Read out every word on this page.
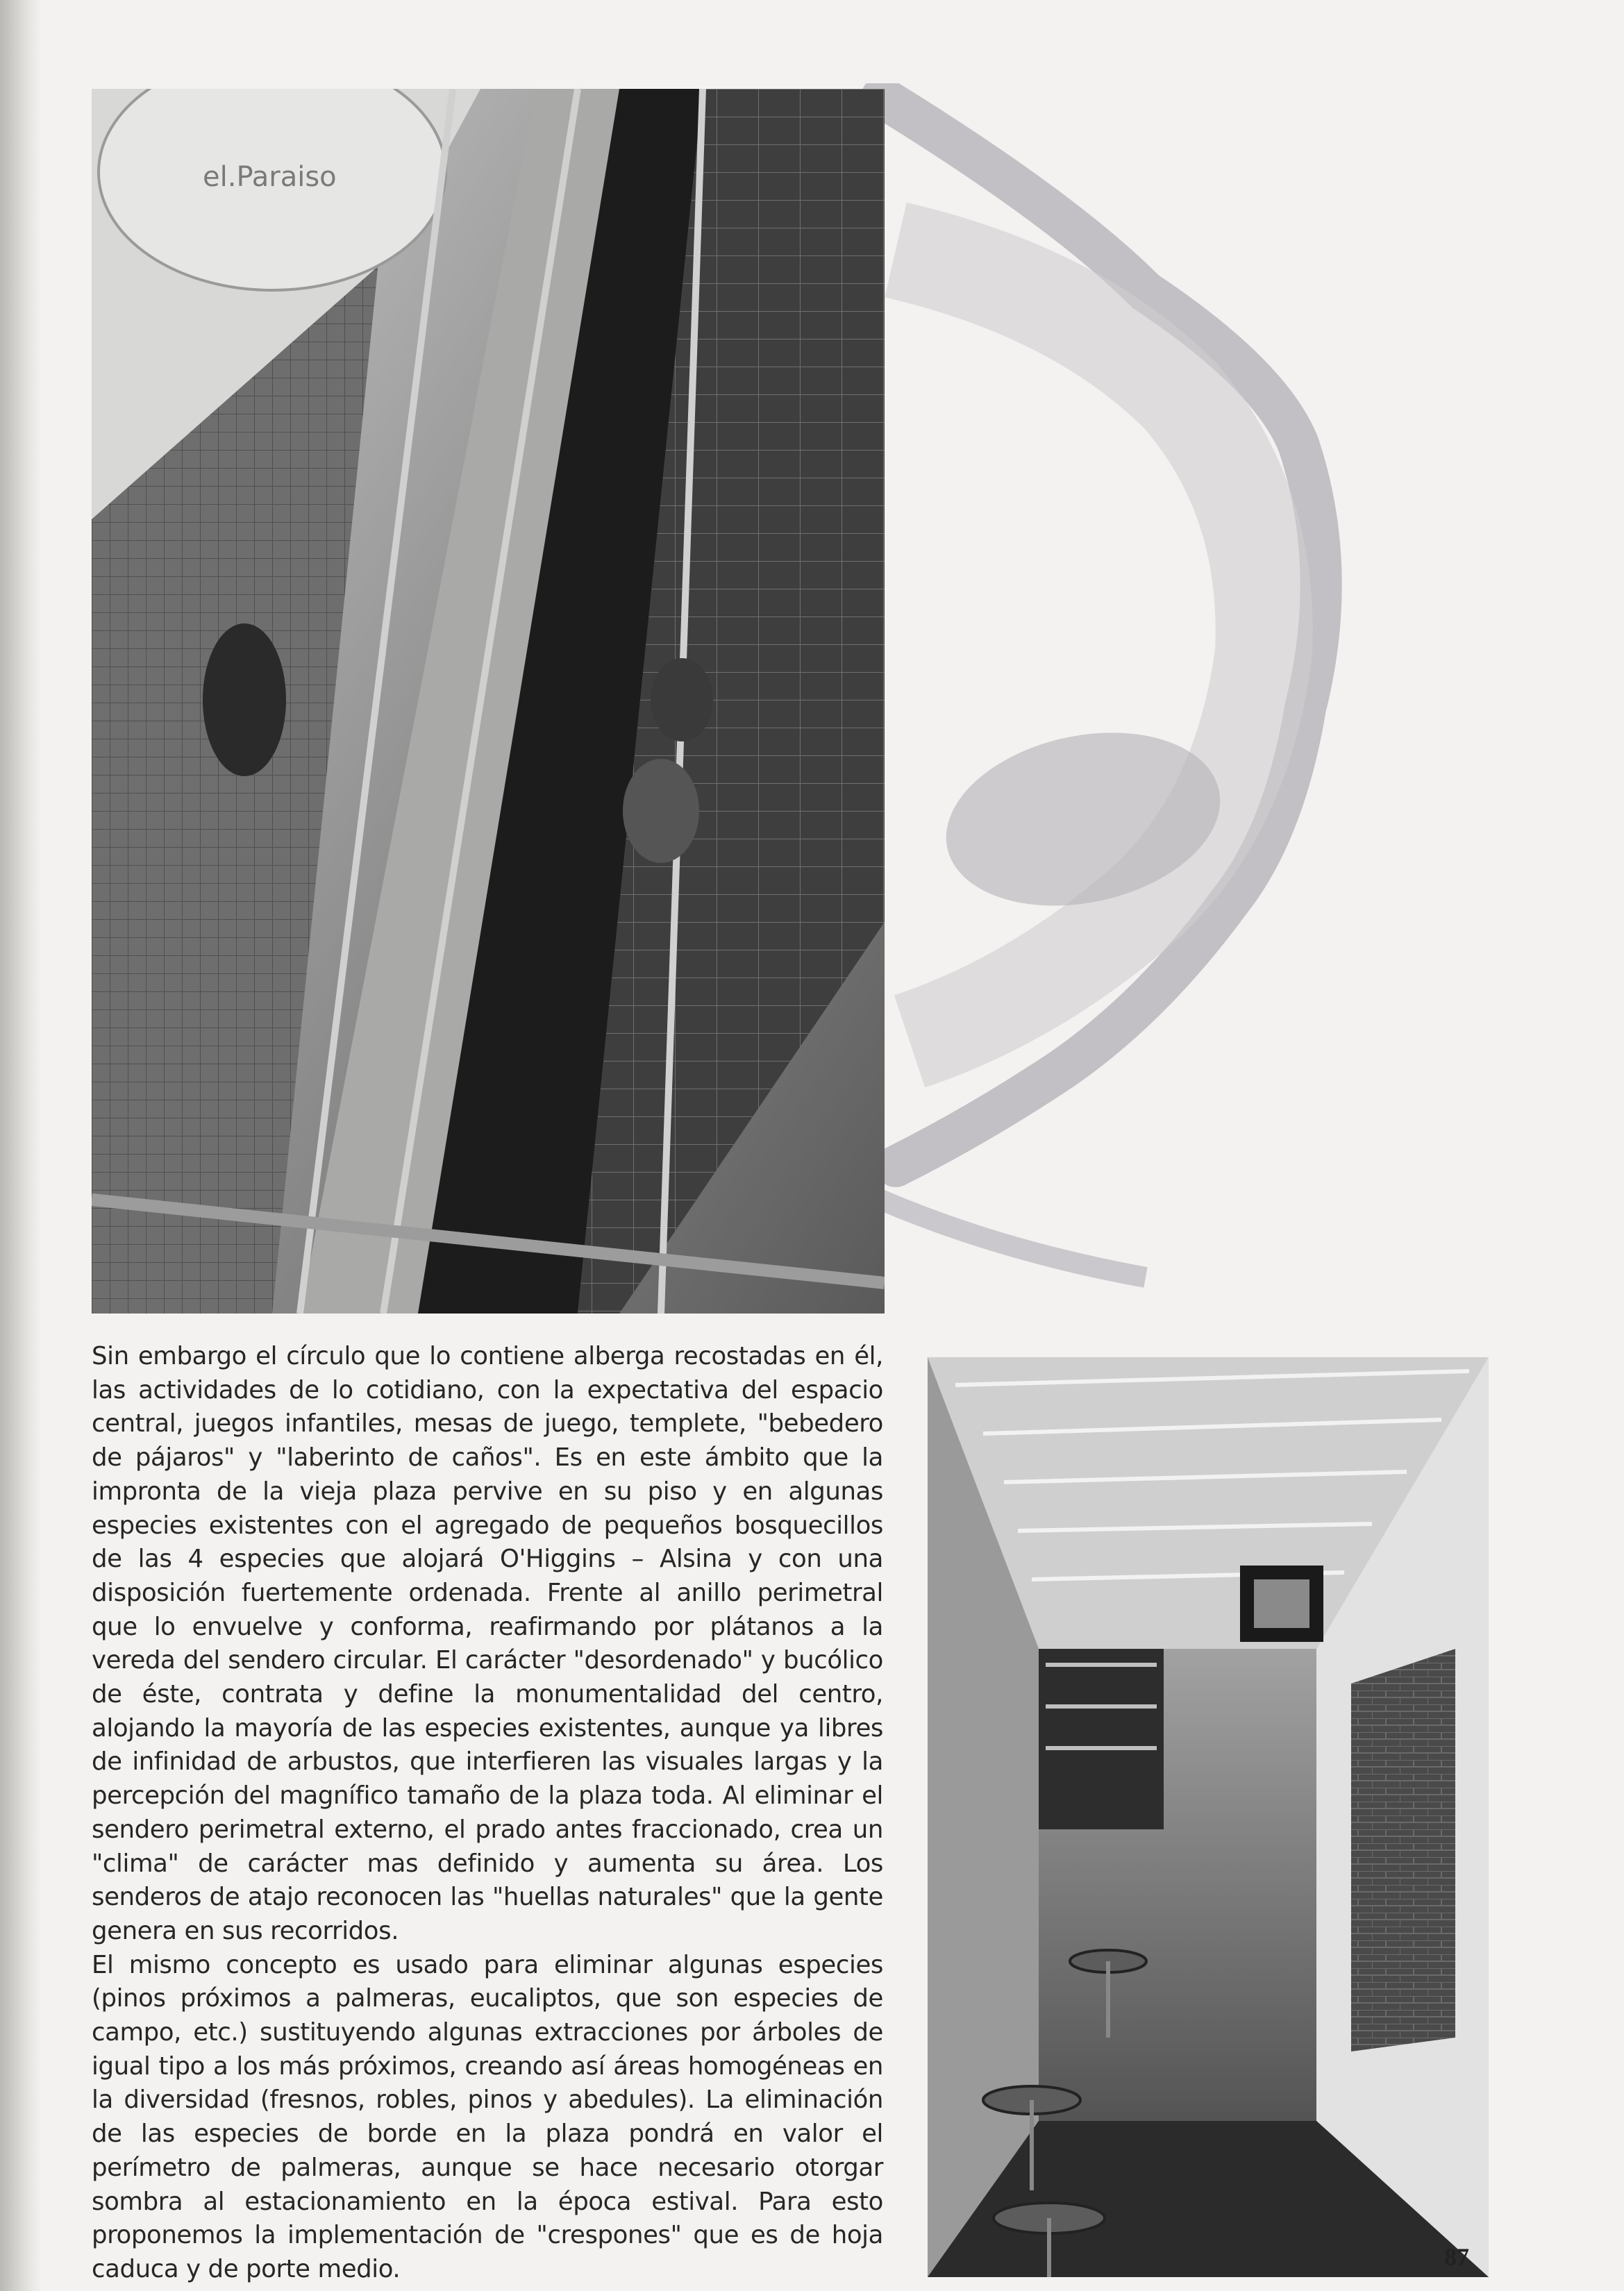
el.Paraiso

Sin embargo el círculo que lo contiene alberga recostadas en él, las actividades de lo cotidiano, con la expectativa del espacio central, juegos infantiles, mesas de juego, templete, "bebedero de pájaros" y "laberinto de caños". Es en este ámbito que la impronta de la vieja plaza pervive en su piso y en algunas especies existentes con el agregado de pequeños bosquecillos de las 4 especies que alojará O'Higgins – Alsina y con una disposición fuertemente ordenada. Frente al anillo perimetral que lo envuelve y conforma, reafirmando por plátanos a la vereda del sendero circular. El carácter "desordenado" y bucólico de éste, contrata y define la monumentalidad del centro, alojando la mayoría de las especies existentes, aunque ya libres de infinidad de arbustos, que interfieren las visuales largas y la percepción del magnífico tamaño de la plaza toda. Al eliminar el sendero perimetral externo, el prado antes fraccionado, crea un "clima" de carácter mas definido y aumenta su área. Los senderos de atajo reconocen las "huellas naturales" que la gente genera en sus recorridos.

El mismo concepto es usado para eliminar algunas especies (pinos próximos a palmeras, eucaliptos, que son especies de campo, etc.) sustituyendo algunas extracciones por árboles de igual tipo a los más próximos, creando así áreas homogéneas en la diversidad (fresnos, robles, pinos y abedules). La eliminación de las especies de borde en la plaza pondrá en valor el perímetro de palmeras, aunque se hace necesario otorgar sombra al estacionamiento en la época estival. Para esto proponemos la implementación de "crespones" que es de hoja caduca y de porte medio.	87
